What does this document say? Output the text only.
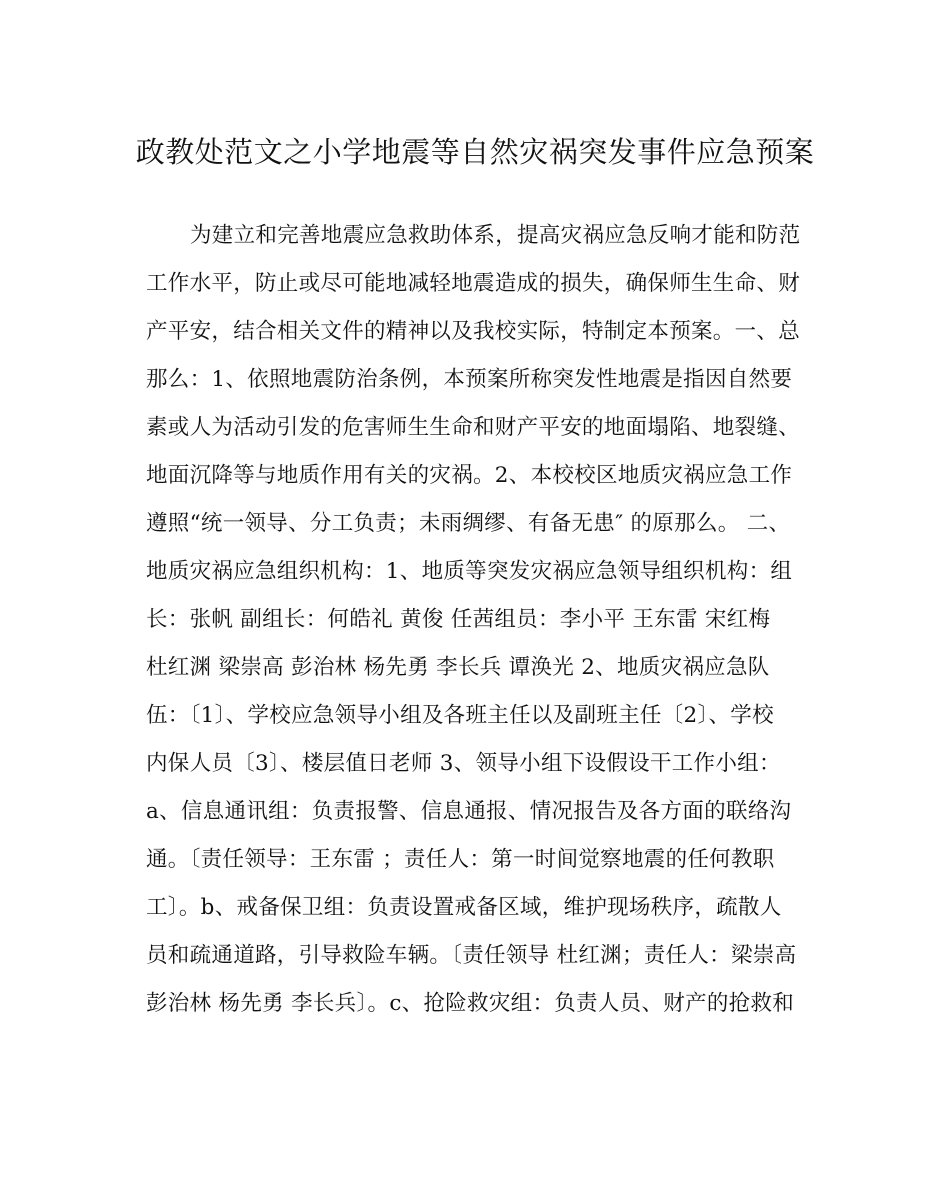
政教处范文之小学地震等自然灾祸突发事件应急预案
为建立和完善地震应急救助体系，提高灾祸应急反响才能和防范
工作水平，防止或尽可能地减轻地震造成的损失，确保师生生命、财
产平安，结合相关文件的精神以及我校实际，特制定本预案。一、总
那么：1、依照地震防治条例，本预案所称突发性地震是指因自然要
素或人为活动引发的危害师生生命和财产平安的地面塌陷、地裂缝、
地面沉降等与地质作用有关的灾祸。2、本校校区地质灾祸应急工作
遵照“统一领导、分工负责；未雨绸缪、有备无患″ 的原那么。 二、
地质灾祸应急组织机构：1、地质等突发灾祸应急领导组织机构：组
长：张帆 副组长：何皓礼 黄俊 任茜组员：李小平 王东雷 宋红梅
杜红渊 梁崇高 彭治林 杨先勇 李长兵 谭涣光 2、地质灾祸应急队
伍：〔1〕、学校应急领导小组及各班主任以及副班主任〔2〕、学校
内保人员〔3〕、楼层值日老师 3、领导小组下设假设干工作小组：
a、信息通讯组：负责报警、信息通报、情况报告及各方面的联络沟
通。〔责任领导：王东雷 ；责任人：第一时间觉察地震的任何教职
工〕。b、戒备保卫组：负责设置戒备区域，维护现场秩序，疏散人
员和疏通道路，引导救险车辆。〔责任领导 杜红渊；责任人：梁崇高
彭治林 杨先勇 李长兵〕。c、抢险救灾组：负责人员、财产的抢救和
